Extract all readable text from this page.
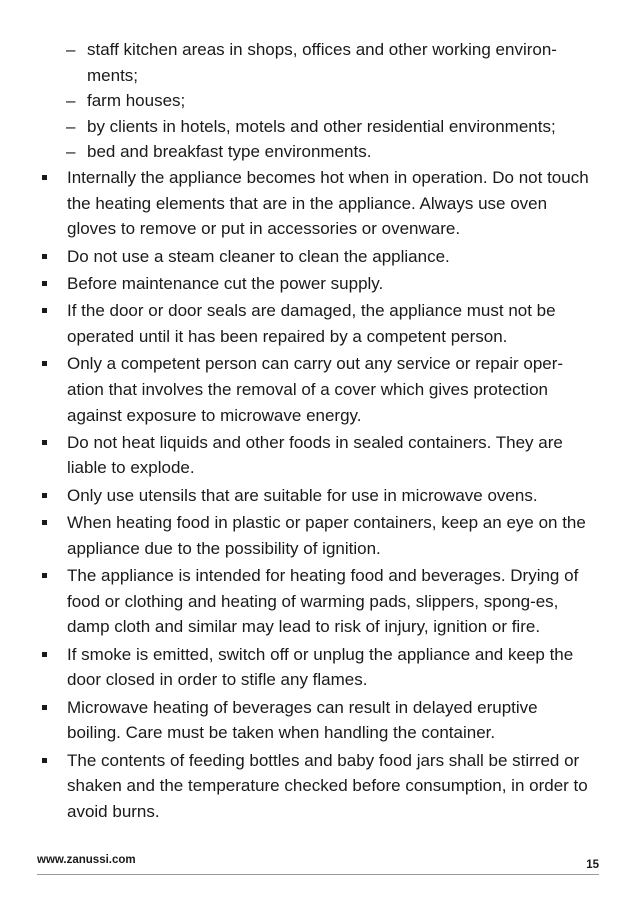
– staff kitchen areas in shops, offices and other working environ-ments;
– farm houses;
– by clients in hotels, motels and other residential environments;
– bed and breakfast type environments.
Internally the appliance becomes hot when in operation. Do not touch the heating elements that are in the appliance. Always use oven gloves to remove or put in accessories or ovenware.
Do not use a steam cleaner to clean the appliance.
Before maintenance cut the power supply.
If the door or door seals are damaged, the appliance must not be operated until it has been repaired by a competent person.
Only a competent person can carry out any service or repair oper-ation that involves the removal of a cover which gives protection against exposure to microwave energy.
Do not heat liquids and other foods in sealed containers. They are liable to explode.
Only use utensils that are suitable for use in microwave ovens.
When heating food in plastic or paper containers, keep an eye on the appliance due to the possibility of ignition.
The appliance is intended for heating food and beverages. Drying of food or clothing and heating of warming pads, slippers, spong-es, damp cloth and similar may lead to risk of injury, ignition or fire.
If smoke is emitted, switch off or unplug the appliance and keep the door closed in order to stifle any flames.
Microwave heating of beverages can result in delayed eruptive boiling. Care must be taken when handling the container.
The contents of feeding bottles and baby food jars shall be stirred or shaken and the temperature checked before consumption, in order to avoid burns.
www.zanussi.com	15
